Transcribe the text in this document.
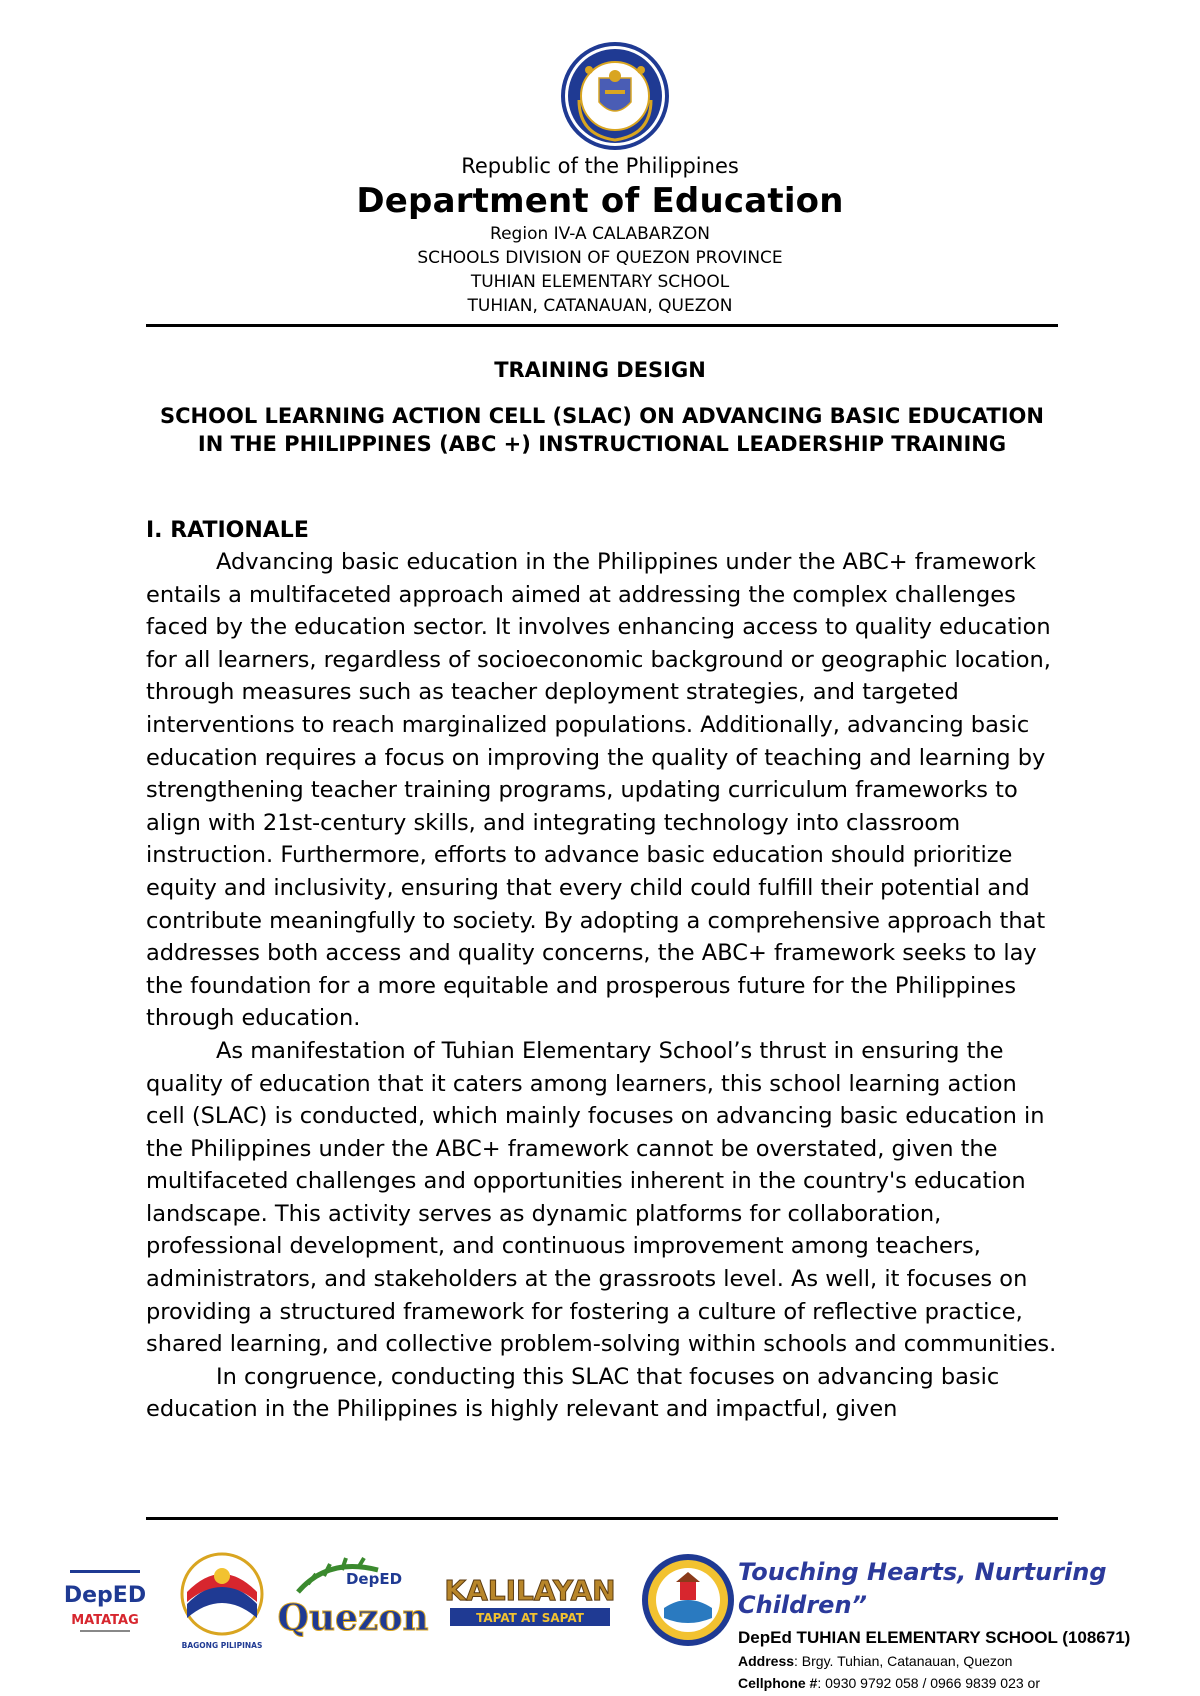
Republic of the Philippines
Department of Education
Region IV-A CALABARZON
SCHOOLS DIVISION OF QUEZON PROVINCE
TUHIAN ELEMENTARY SCHOOL
TUHIAN, CATANAUAN, QUEZON
TRAINING DESIGN
SCHOOL LEARNING ACTION CELL (SLAC) ON ADVANCING BASIC EDUCATION IN THE PHILIPPINES (ABC +) INSTRUCTIONAL LEADERSHIP TRAINING
I. RATIONALE

Advancing basic education in the Philippines under the ABC+ framework entails a multifaceted approach aimed at addressing the complex challenges faced by the education sector. It involves enhancing access to quality education for all learners, regardless of socioeconomic background or geographic location, through measures such as teacher deployment strategies, and targeted interventions to reach marginalized populations. Additionally, advancing basic education requires a focus on improving the quality of teaching and learning by strengthening teacher training programs, updating curriculum frameworks to align with 21st-century skills, and integrating technology into classroom instruction. Furthermore, efforts to advance basic education should prioritize equity and inclusivity, ensuring that every child could fulfill their potential and contribute meaningfully to society. By adopting a comprehensive approach that addresses both access and quality concerns, the ABC+ framework seeks to lay the foundation for a more equitable and prosperous future for the Philippines through education.

As manifestation of Tuhian Elementary School’s thrust in ensuring the quality of education that it caters among learners, this school learning action cell (SLAC) is conducted, which mainly focuses on advancing basic education in the Philippines under the ABC+ framework cannot be overstated, given the multifaceted challenges and opportunities inherent in the country's education landscape. This activity serves as dynamic platforms for collaboration, professional development, and continuous improvement among teachers, administrators, and stakeholders at the grassroots level. As well, it focuses on providing a structured framework for fostering a culture of reflective practice, shared learning, and collective problem-solving within schools and communities.

In congruence, conducting this SLAC that focuses on advancing basic education in the Philippines is highly relevant and impactful, given

DepED
MATATAG
BAGONG PILIPINAS
DepED
Quezon
KALILAYAN
TAPAT AT SAPAT
Touching Hearts, Nurturing Children”
DepEd TUHIAN ELEMENTARY SCHOOL (108671)
Address: Brgy. Tuhian, Catanauan, Quezon
Cellphone #: 0930 9792 058 / 0966 9839 023 or
